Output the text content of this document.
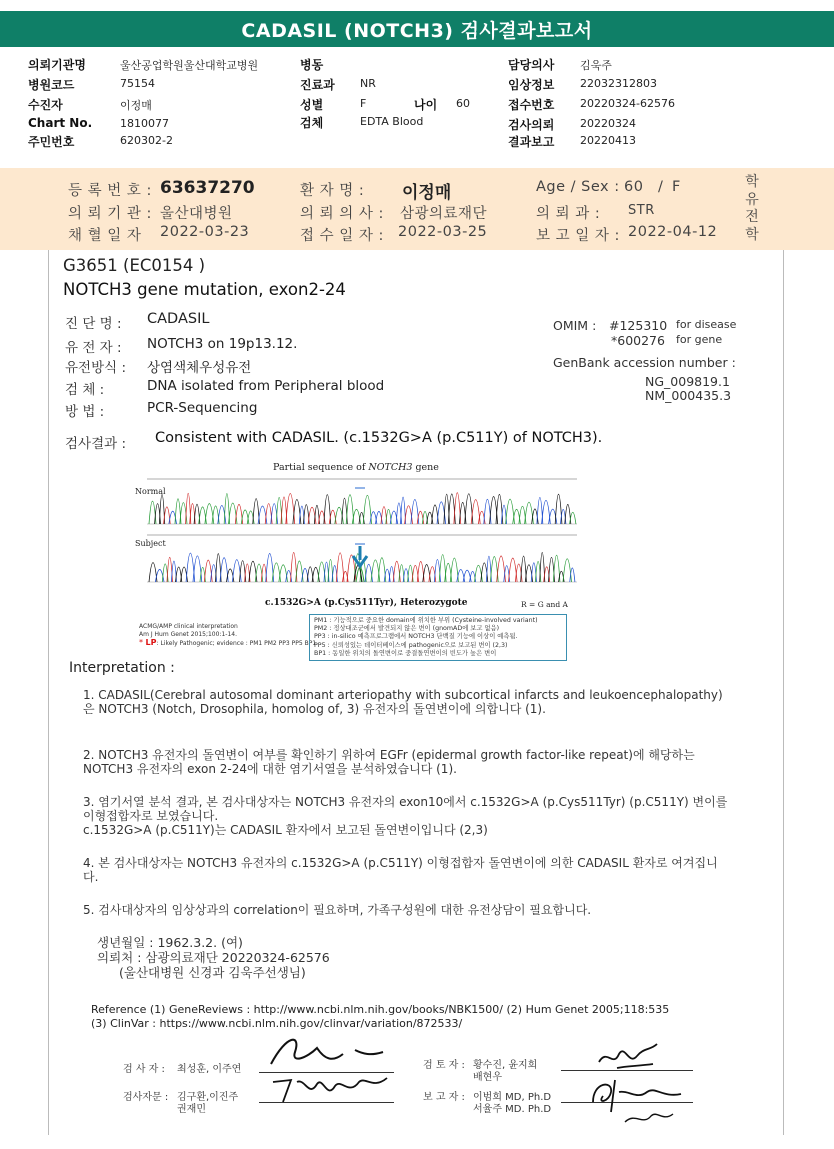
CADASIL (NOTCH3) 검사결과보고서
의뢰기관명	울산공업학원울산대학교병원
병원코드	75154
수진자	이정매
Chart No.	1810077
주민번호	620302-2
병동
진료과 NR
성별	F	나이 60
검체	EDTA Blood
담당의사 김욱주
임상정보 22032312803
접수번호 20220324-62576
검사의뢰 20220324
결과보고 20220413
등 록 번 호 : 63637270	환 자 명 : 이정매	Age / Sex : 60 / F
의 뢰 기 관 : 울산대병원	의 뢰 의 사 : 삼광의료재단	의 뢰 과 : STR
채 혈 일 자 2022-03-23	접 수 일 자 : 2022-03-25	보 고 일 자 : 2022-04-12
학
유
전
학
G3651 (EC0154 )
NOTCH3 gene mutation, exon2-24
진 단 명 : CADASIL
유 전 자 : NOTCH3 on 19p13.12.
유전방식 : 상염색체우성유전
검 체 :	DNA isolated from Peripheral blood
방 법 :	PCR-Sequencing
OMIM : #125310 for disease
*600276 for gene
GenBank accession number :
NG_009819.1
NM_000435.3
검사결과 : Consistent with CADASIL. (c.1532G>A (p.C511Y) of NOTCH3).
Partial sequence of NOTCH3 gene
Normal
Subject
c.1532G>A (p.Cys511Tyr), Heterozygote	R = G and A
ACMG/AMP clinical interpretation
Am J Hum Genet 2015;100:1-14.
* LP: Likely Pathogenic; evidence : PM1 PM2 PP3 PP5 BP1
PM1 : 기능적으로 중요한 domain에 위치한 부위 (Cysteine-involved variant)
PM2 : 정상대조군에서 발견되지 않은 변이 (gnomAD에 보고 없음)
PP3 : in-silico 예측프로그램에서 NOTCH3 단백질 기능에 이상이 예측됨.
PP5 : 신뢰성있는 데이터베이스에 pathogenic으로 보고된 변이 (2,3)
BP1 : 동일한 위치의 돌연변이로 중결돌연변이의 빈도가 높은 변이
Interpretation :
1. CADASIL(Cerebral autosomal dominant arteriopathy with subcortical infarcts and leukoencephalopathy)은 NOTCH3 (Notch, Drosophila, homolog of, 3) 유전자의 돌연변이에 의합니다 (1).
2. NOTCH3 유전자의 돌연변이 여부를 확인하기 위하여 EGFr (epidermal growth factor-like repeat)에 해당하는 NOTCH3 유전자의 exon 2-24에 대한 염기서열을 분석하였습니다 (1).
3. 염기서열 분석 결과, 본 검사대상자는 NOTCH3 유전자의 exon10에서 c.1532G>A (p.Cys511Tyr) (p.C511Y) 변이를 이형접합자로 보였습니다.
c.1532G>A (p.C511Y)는 CADASIL 환자에서 보고된 돌연변이입니다 (2,3)
4. 본 검사대상자는 NOTCH3 유전자의 c.1532G>A (p.C511Y) 이형접합자 돌연변이에 의한 CADASIL 환자로 여겨집니다.
5. 검사대상자의 임상상과의 correlation이 필요하며, 가족구성원에 대한 유전상담이 필요합니다.
생년월일 : 1962.3.2. (여)
의뢰처 : 삼광의료재단 20220324-62576
(울산대병원 신경과 김욱주선생님)
Reference (1) GeneReviews : http://www.ncbi.nlm.nih.gov/books/NBK1500/ (2) Hum Genet 2005;118:535
(3) ClinVar : https://www.ncbi.nlm.nih.gov/clinvar/variation/872533/
검 사 자 : 최성훈, 이주연	검 토 자 : 황수진, 윤지희
배현우
검사자문 : 김구환,이진주
권재민
보 고 자 : 이범희 MD, Ph.D
서율주 MD. Ph.D
